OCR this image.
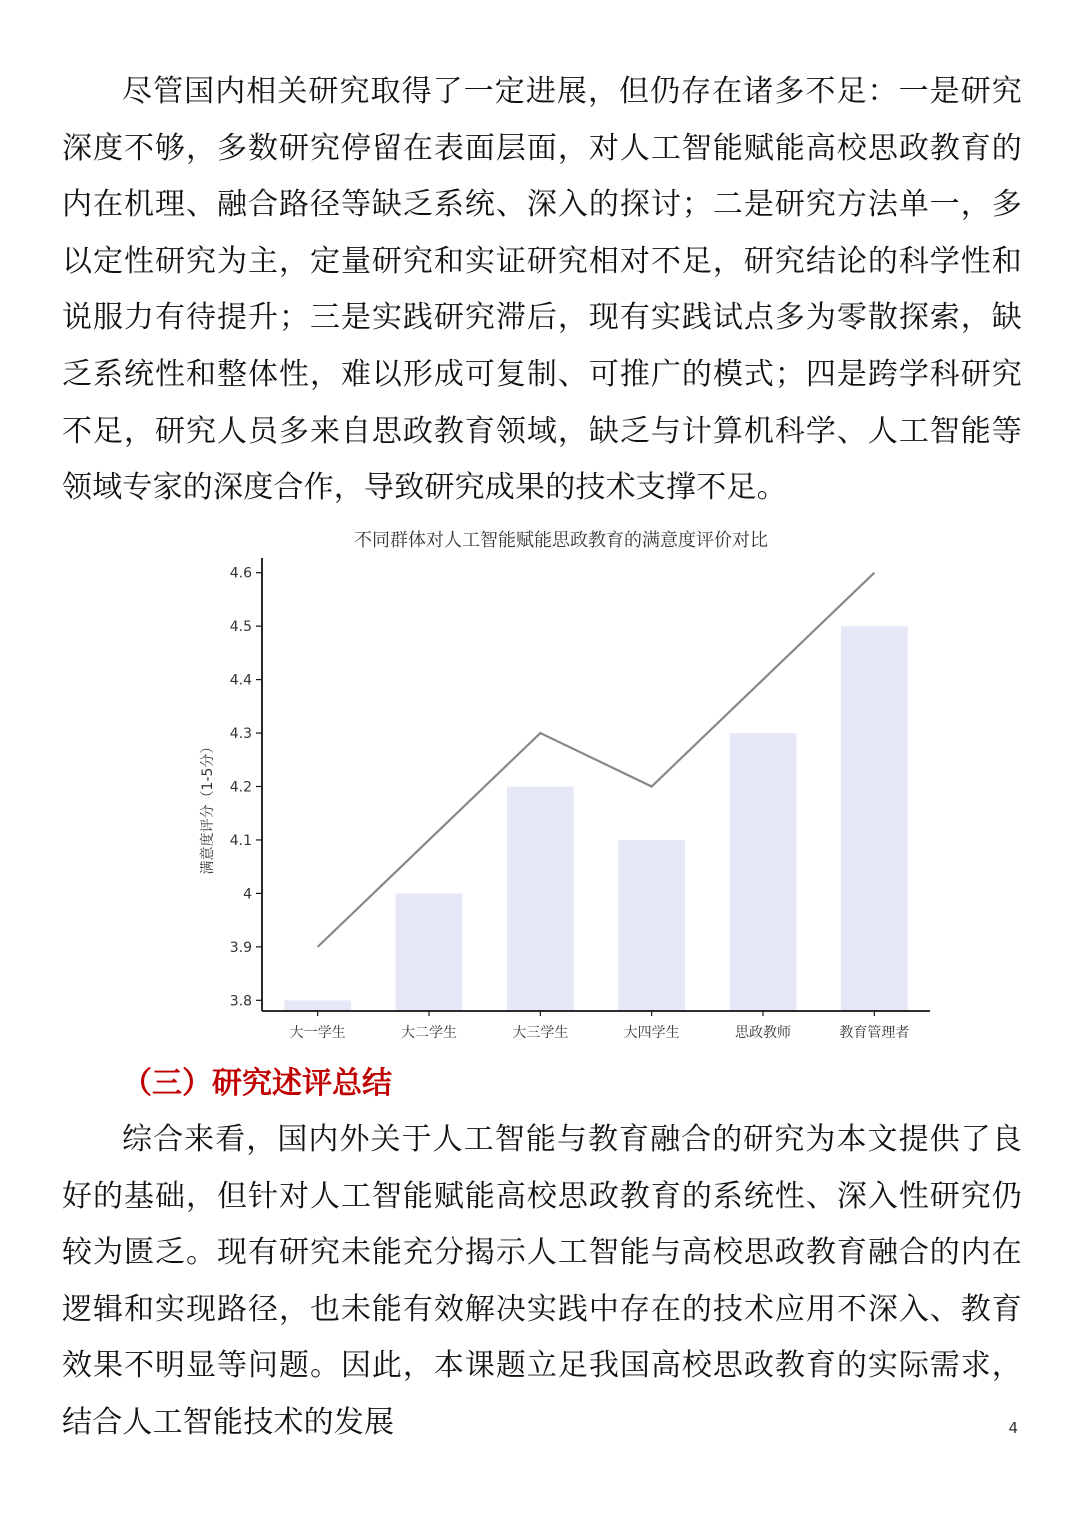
尽管国内相关研究取得了一定进展，但仍存在诸多不足：一是研究深度不够，多数研究停留在表面层面，对人工智能赋能高校思政教育的内在机理、融合路径等缺乏系统、深入的探讨；二是研究方法单一，多以定性研究为主，定量研究和实证研究相对不足，研究结论的科学性和说服力有待提升；三是实践研究滞后，现有实践试点多为零散探索，缺乏系统性和整体性，难以形成可复制、可推广的模式；四是跨学科研究不足，研究人员多来自思政教育领域，缺乏与计算机科学、人工智能等领域专家的深度合作，导致研究成果的技术支撑不足。

不同群体对人工智能赋能思政教育的满意度评价对比
满意度评分（1-5分）
3.8
3.9
4
4.1
4.2
4.3
4.4
4.5
4.6
大一学生	大二学生	大三学生	大四学生	思政教师	教育管理者
（三）研究述评总结

综合来看，国内外关于人工智能与教育融合的研究为本文提供了良好的基础，但针对人工智能赋能高校思政教育的系统性、深入性研究仍较为匮乏。现有研究未能充分揭示人工智能与高校思政教育融合的内在逻辑和实现路径，也未能有效解决实践中存在的技术应用不深入、教育效果不明显等问题。因此，本课题立足我国高校思政教育的实际需求，结合人工智能技术的发展	4
